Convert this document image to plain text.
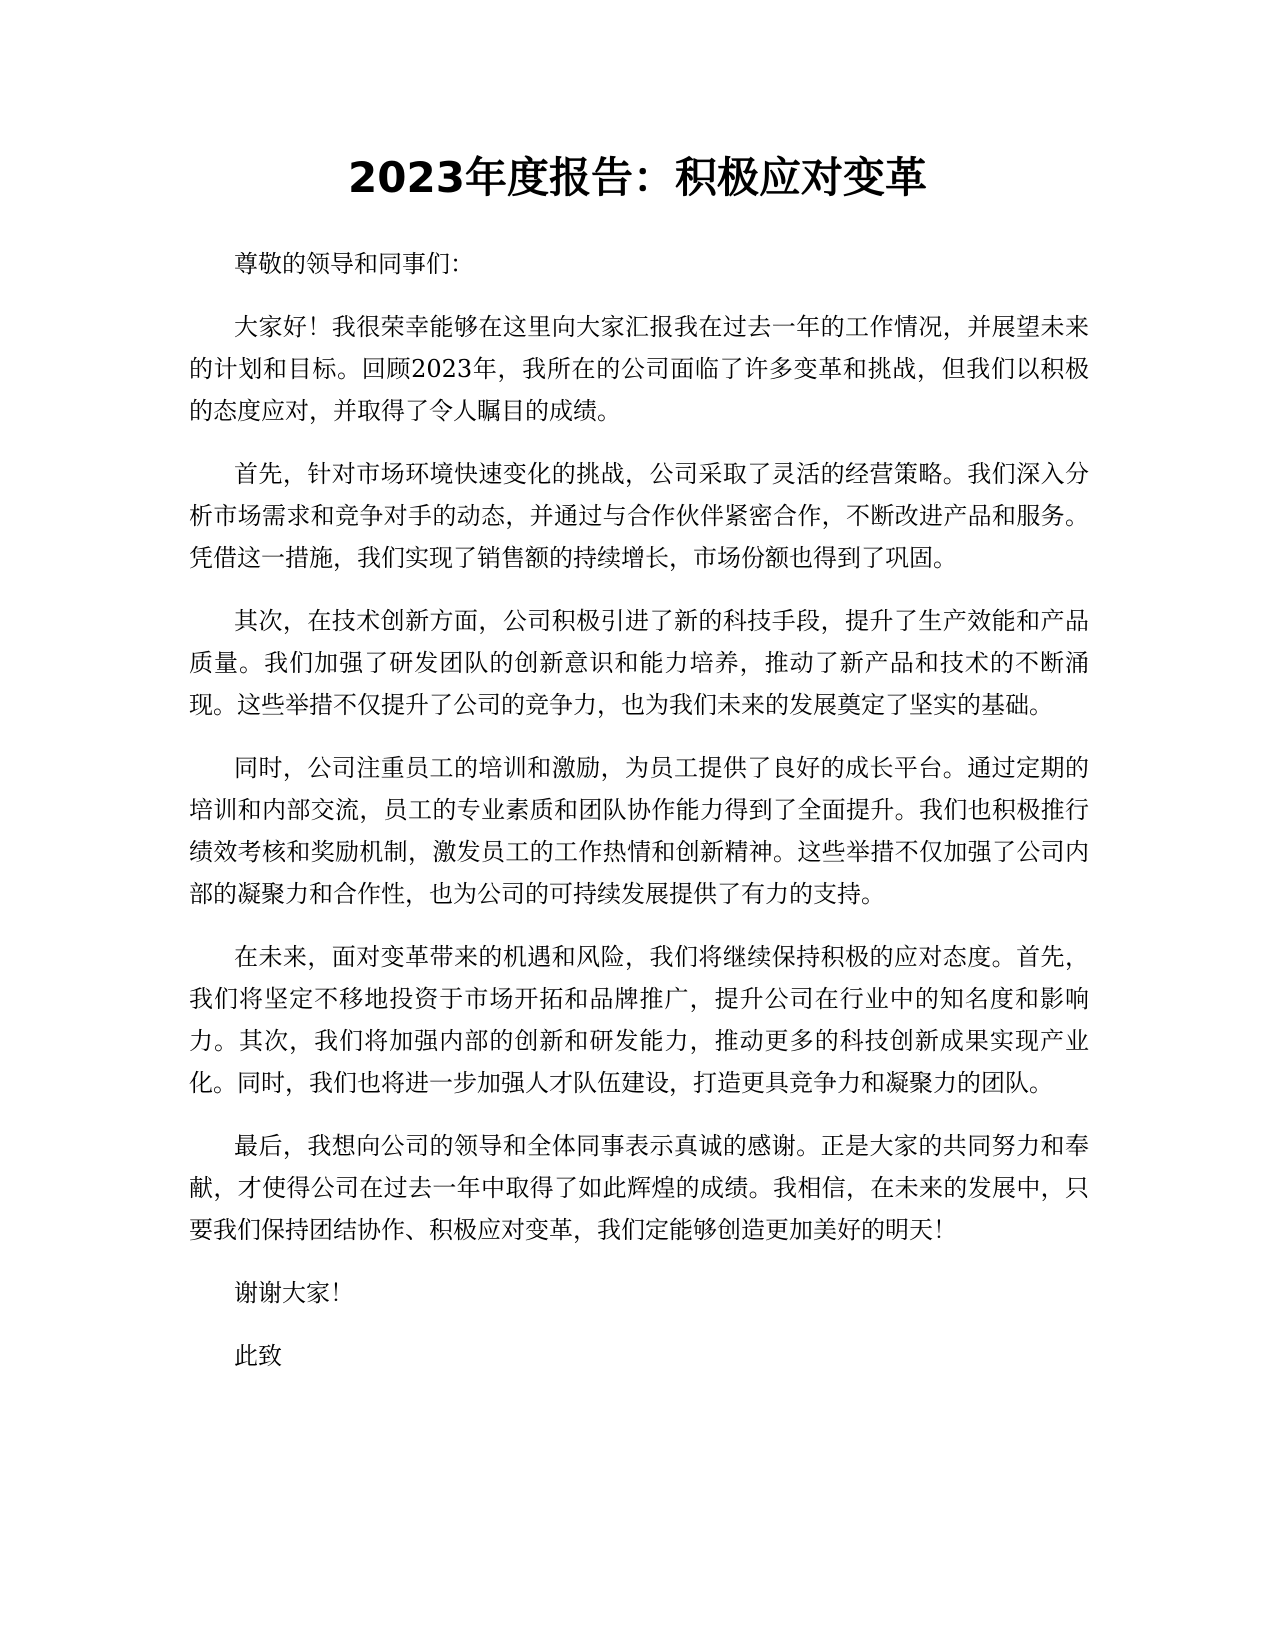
2023年度报告：积极应对变革

尊敬的领导和同事们：

大家好！我很荣幸能够在这里向大家汇报我在过去一年的工作情况，并展望未来的计划和目标。回顾2023年，我所在的公司面临了许多变革和挑战，但我们以积极的态度应对，并取得了令人瞩目的成绩。

首先，针对市场环境快速变化的挑战，公司采取了灵活的经营策略。我们深入分析市场需求和竞争对手的动态，并通过与合作伙伴紧密合作，不断改进产品和服务。凭借这一措施，我们实现了销售额的持续增长，市场份额也得到了巩固。

其次，在技术创新方面，公司积极引进了新的科技手段，提升了生产效能和产品质量。我们加强了研发团队的创新意识和能力培养，推动了新产品和技术的不断涌现。这些举措不仅提升了公司的竞争力，也为我们未来的发展奠定了坚实的基础。

同时，公司注重员工的培训和激励，为员工提供了良好的成长平台。通过定期的培训和内部交流，员工的专业素质和团队协作能力得到了全面提升。我们也积极推行绩效考核和奖励机制，激发员工的工作热情和创新精神。这些举措不仅加强了公司内部的凝聚力和合作性，也为公司的可持续发展提供了有力的支持。

在未来，面对变革带来的机遇和风险，我们将继续保持积极的应对态度。首先，我们将坚定不移地投资于市场开拓和品牌推广，提升公司在行业中的知名度和影响力。其次，我们将加强内部的创新和研发能力，推动更多的科技创新成果实现产业化。同时，我们也将进一步加强人才队伍建设，打造更具竞争力和凝聚力的团队。

最后，我想向公司的领导和全体同事表示真诚的感谢。正是大家的共同努力和奉献，才使得公司在过去一年中取得了如此辉煌的成绩。我相信，在未来的发展中，只要我们保持团结协作、积极应对变革，我们定能够创造更加美好的明天！

谢谢大家！

此致
